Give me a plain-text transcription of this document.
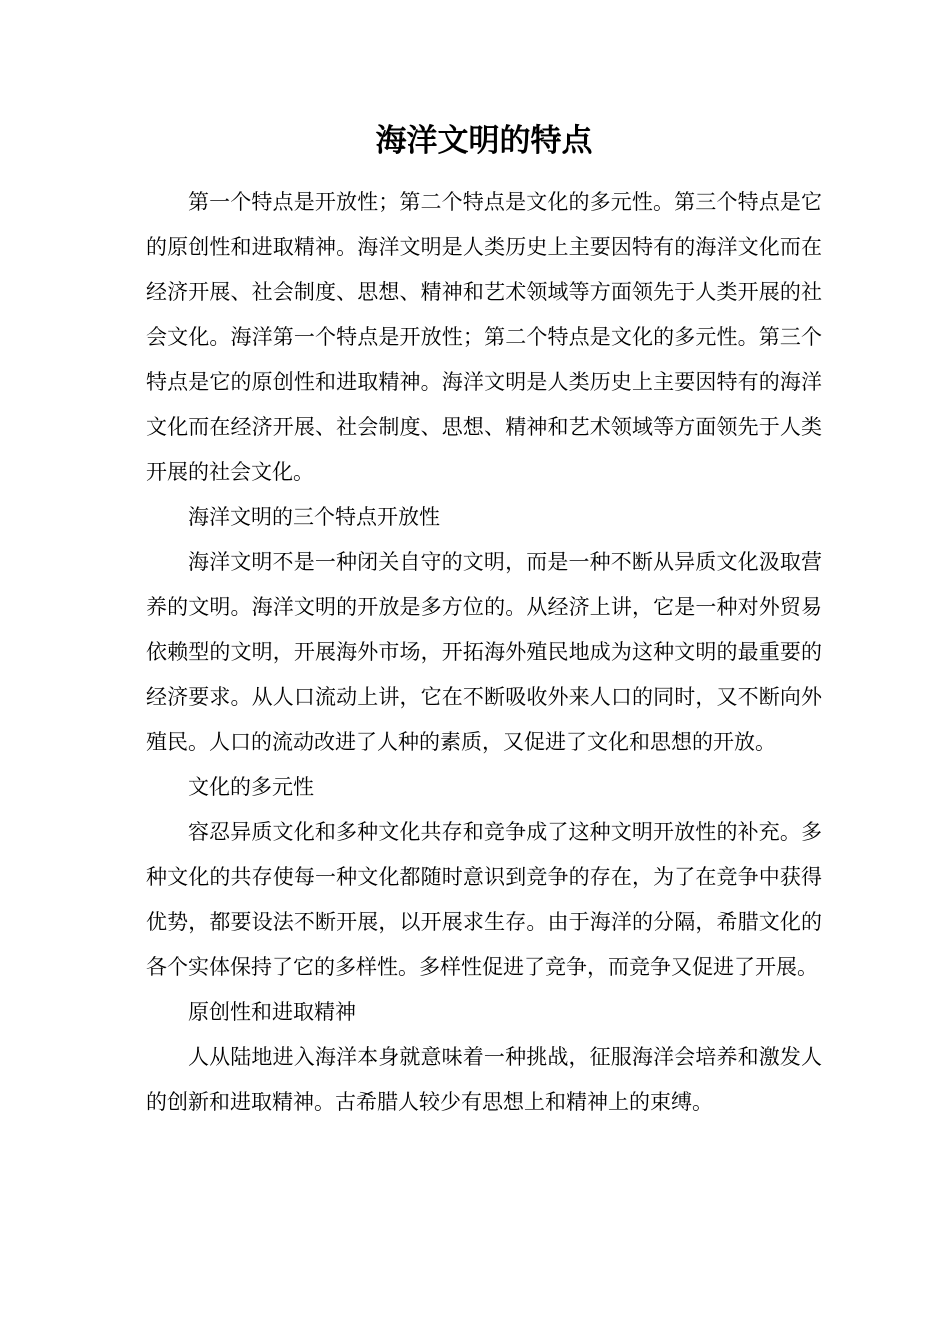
海洋文明的特点

第一个特点是开放性；第二个特点是文化的多元性。第三个特点是它的原创性和进取精神。海洋文明是人类历史上主要因特有的海洋文化而在经济开展、社会制度、思想、精神和艺术领域等方面领先于人类开展的社会文化。海洋第一个特点是开放性；第二个特点是文化的多元性。第三个特点是它的原创性和进取精神。海洋文明是人类历史上主要因特有的海洋文化而在经济开展、社会制度、思想、精神和艺术领域等方面领先于人类开展的社会文化。

海洋文明的三个特点开放性

海洋文明不是一种闭关自守的文明，而是一种不断从异质文化汲取营养的文明。海洋文明的开放是多方位的。从经济上讲，它是一种对外贸易依赖型的文明，开展海外市场，开拓海外殖民地成为这种文明的最重要的经济要求。从人口流动上讲，它在不断吸收外来人口的同时，又不断向外殖民。人口的流动改进了人种的素质，又促进了文化和思想的开放。

文化的多元性

容忍异质文化和多种文化共存和竞争成了这种文明开放性的补充。多种文化的共存使每一种文化都随时意识到竞争的存在，为了在竞争中获得优势，都要设法不断开展，以开展求生存。由于海洋的分隔，希腊文化的各个实体保持了它的多样性。多样性促进了竞争，而竞争又促进了开展。

原创性和进取精神

人从陆地进入海洋本身就意味着一种挑战，征服海洋会培养和激发人的创新和进取精神。古希腊人较少有思想上和精神上的束缚。
